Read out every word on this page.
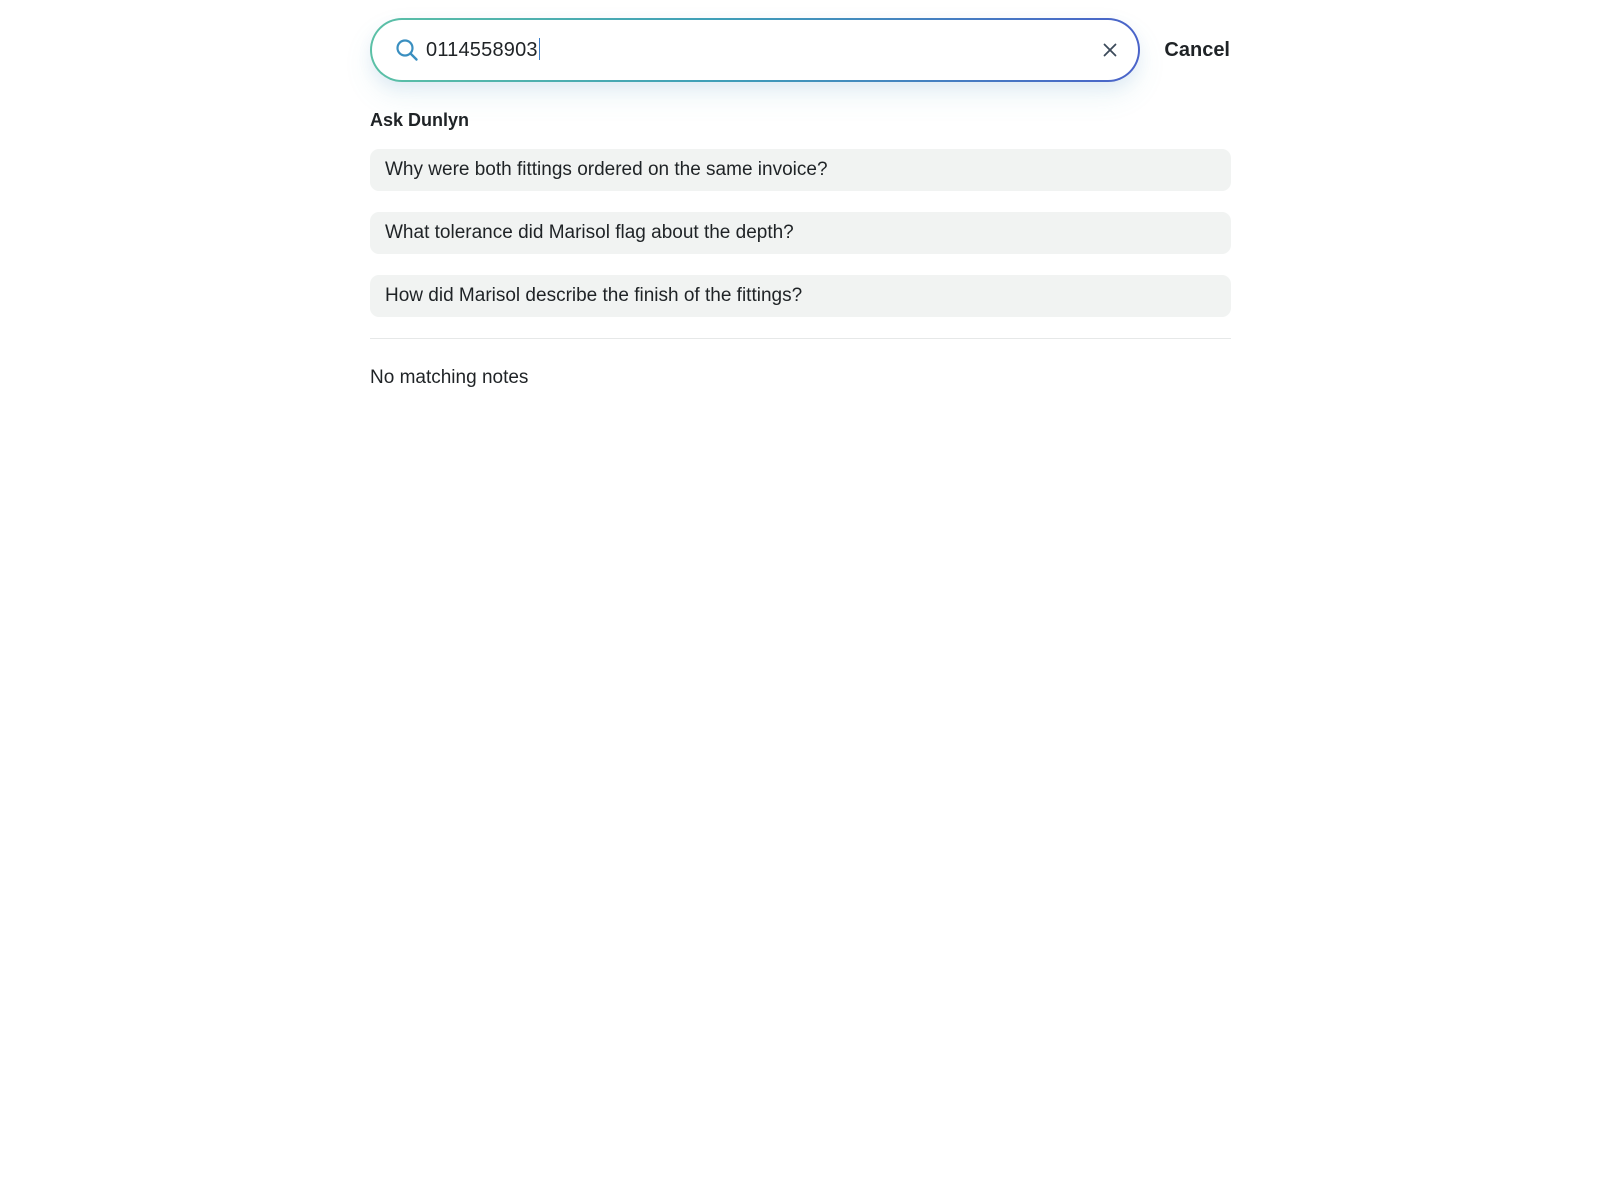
0114558903	Cancel
Ask Dunlyn
Why were both fittings ordered on the same invoice?
What tolerance did Marisol flag about the depth?
How did Marisol describe the finish of the fittings?
No matching notes
